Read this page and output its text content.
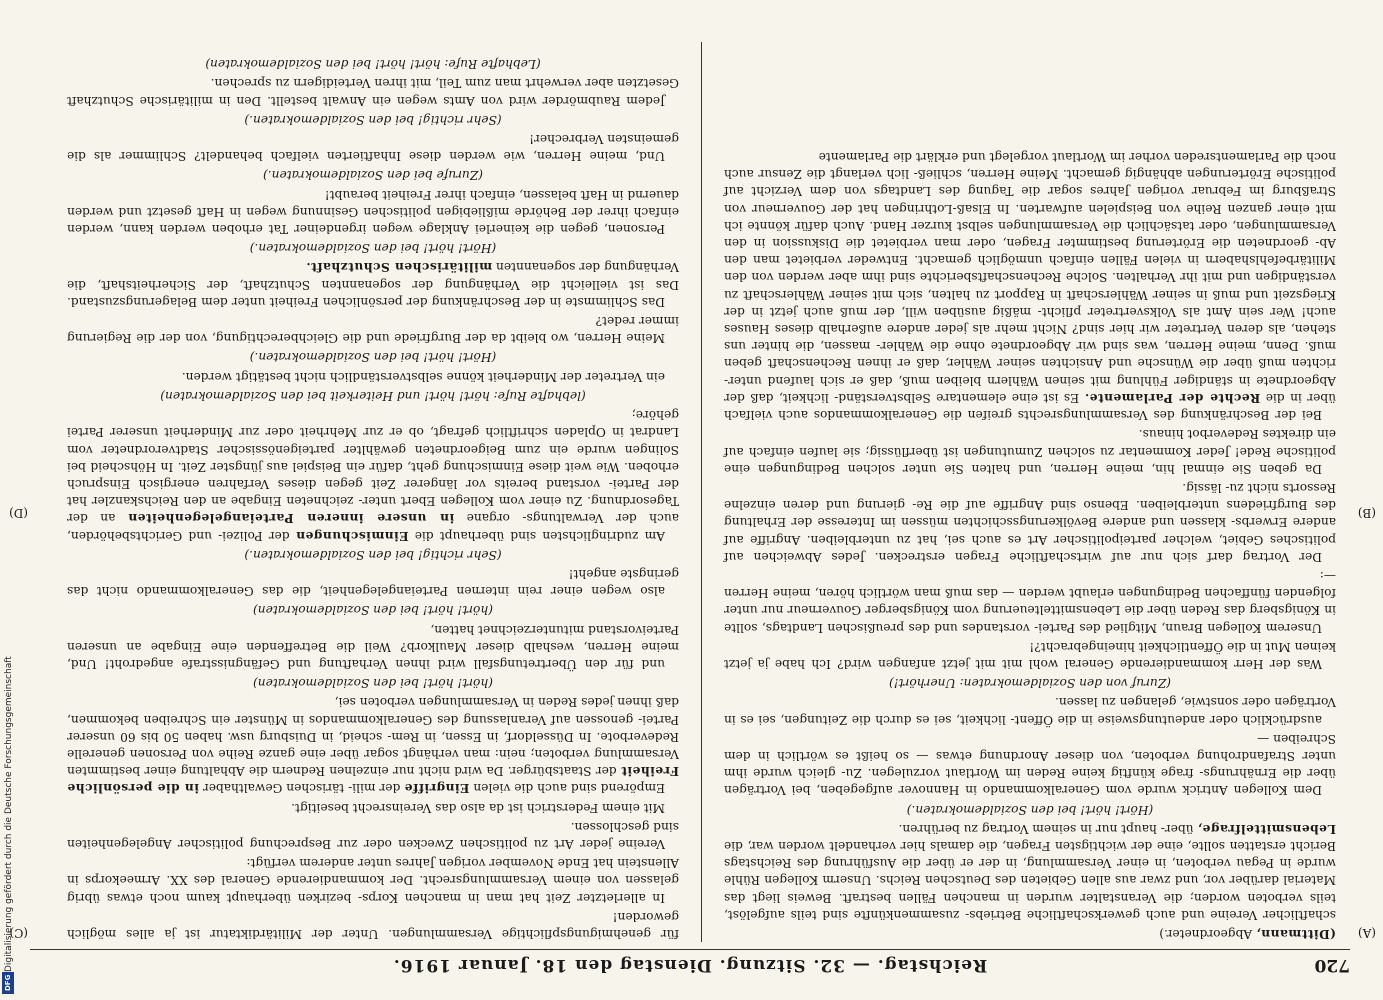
720
Reichstag. — 32. Sitzung. Dienstag den 18. Januar 1916.
(A)
(B)
(C)
(D)

(Dittmann, Abgeordneter.)

schaftlicher Vereine und auch gewerkschaftliche Betriebs- zusammenkünfte sind teils aufgelöst, teils verboten worden; die Veranstalter wurden in manchen Fällen bestraft. Beweis liegt das Material darüber vor, und zwar aus allen Gebieten des Deutschen Reichs. Unserm Kollegen Rühle wurde in Pegau verboten, in einer Versammlung, in der er über die Ausführung des Reichstags Bericht erstatten sollte, eine der wichtigsten Fragen, die damals hier verhandelt worden war, die Lebensmittelfrage, über- haupt nur in seinem Vortrag zu berühren.

(Hört! hört! bei den Sozialdemokraten.)

Dem Kollegen Antrick wurde vom Generalkommando in Hannover aufgegeben, bei Vorträgen über die Ernährungs- frage künftig keine Reden im Wortlaut vorzulegen. Zu- gleich wurde ihm unter Strafandrohung verboten, von dieser Anordnung etwas — so heißt es wörtlich in dem Schreiben —

ausdrücklich oder andeutungsweise in die Öffent- lichkeit, sei es durch die Zeitungen, sei es in Vorträgen oder sonstwie, gelangen zu lassen.

(Zuruf von den Sozialdemokraten: Unerhört!)

Was der Herr kommandierende General wohl mit mit jetzt anfangen wird? Ich habe ja jetzt keinen Mut in die Öffentlichkeit hineingebracht?!

Unserem Kollegen Braun, Mitglied des Partei- vorstandes und des preußischen Landtags, sollte in Königsberg das Reden über die Lebensmittelteuerung vom Königsberger Gouverneur nur unter folgenden fünffachen Bedingungen erlaubt werden — das muß man wörtlich hören, meine Herren —:

Der Vortrag darf sich nur auf wirtschaftliche Fragen erstrecken. Jedes Abweichen auf politisches Gebiet, welcher parteipolitischer Art es auch sei, hat zu unterbleiben. Angriffe auf andere Erwerbs- klassen und andere Bevölkerungsschichten müssen im Interesse der Erhaltung des Burgfriedens unterbleiben. Ebenso sind Angriffe auf die Re- gierung und deren einzelne Ressorts nicht zu- lässig.

Da geben Sie einmal hin, meine Herren, und halten Sie unter solchen Bedingungen eine politische Rede! Jeder Kommentar zu solchen Zumutungen ist überflüssig; sie laufen einfach auf ein direktes Redeverbot hinaus.

Bei der Beschränkung des Versammlungsrechts greifen die Generalkommandos auch vielfach über in die Rechte der Parlamente. Es ist eine elementare Selbstverständ- lichkeit, daß der Abgeordnete in ständiger Fühlung mit seinen Wählern bleiben muß, daß er sich laufend unter- richten muß über die Wünsche und Ansichten seiner Wähler, daß er ihnen Rechenschaft geben muß. Denn, meine Herren, was sind wir Abgeordnete ohne die Wähler- massen, die hinter uns stehen, als deren Vertreter wir hier sind? Nicht mehr als jeder andere außerhalb dieses Hauses auch! Wer sein Amt als Volksvertreter pflicht- mäßig ausüben will, der muß auch jetzt in der Kriegszeit und muß in seiner Wählerschaft in Rapport zu halten, sich mit seiner Wählerschaft zu verständigen und mit ihr Verhalten. Solche Rechenschaftsberichte sind ihm aber werden von den Militärbefehlshabern in vielen Fällen einfach unmöglich gemacht. Entweder verbietet man den Ab- geordneten die Erörterung bestimmter Fragen, oder man verbietet die Diskussion in den Versammlungen, oder tatsächlich die Versammlungen selbst kurzer Hand. Auch dafür könnte ich mit einer ganzen Reihe von Beispielen aufwarten. In Elsaß-Lothringen hat der Gouverneur von Straßburg im Februar vorigen Jahres sogar die Tagung des Landtags von dem Verzicht auf politische Erörterungen abhängig gemacht. Meine Herren, schließ- lich verlangt die Zensur auch noch die Parlamentsreden vorher im Wortlaut vorgelegt und erklärt die Parlamente

für genehmigungspflichtige Versammlungen. Unter der Militärdiktatur ist ja alles möglich geworden!

In allerletzter Zeit hat man in manchen Korps- bezirken überhaupt kaum noch etwas übrig gelassen von einem Versammlungsrecht. Der kommandierende General des XX. Armeekorps in Allenstein hat Ende November vorigen Jahres unter anderem verfügt:

Vereine jeder Art zu politischen Zwecken oder zur Besprechung politischer Angelegenheiten sind geschlossen.

Mit einem Federstrich ist da also das Vereinsrecht beseitigt.

Empörend sind auch die vielen Eingriffe der mili- tärischen Gewalthaber in die persönliche Freiheit der Staatsbürger. Da wird nicht nur einzelnen Rednern die Abhaltung einer bestimmten Versammlung verboten; nein: man verhängt sogar über eine ganze Reihe von Personen generelle Redeverbote. In Düsseldorf, in Essen, in Rem- scheid, in Duisburg usw. haben 50 bis 60 unserer Partei- genossen auf Veranlassung des Generalkommandos in Münster ein Schreiben bekommen, daß ihnen jedes Reden in Versammlungen verboten sei,

(hört! hört! bei den Sozialdemokraten)

und für den Übertretungsfall wird ihnen Verhaftung und Gefängnisstrafe angedroht! Und, meine Herren, weshalb dieser Maulkorb? Weil die Betreffenden eine Eingabe an unseren Parteivorstand mitunterzeichnet hatten,

(hört! hört! bei den Sozialdemokraten)

also wegen einer rein internen Parteiangelegenheit, die das Generalkommando nicht das geringste angeht!

(Sehr richtig! bei den Sozialdemokraten.)

Am zudringlichsten sind überhaupt die Einmischungen der Polizei- und Gerichtsbehörden, auch der Verwaltungs- organe in unsere inneren Parteiangelegenheiten an der Tagesordnung. Zu einer vom Kollegen Ebert unter- zeichneten Eingabe an den Reichskanzler hat der Partei- vorstand bereits vor längerer Zeit gegen dieses Verfahren energisch Einspruch erhoben. Wie weit diese Einmischung geht, dafür ein Beispiel aus jüngster Zeit. In Höhscheid bei Solingen wurde ein zum Beigeordneten gewählter parteigenössischer Stadtverordneter vom Landrat in Opladen schriftlich gefragt, ob er zur Mehrheit oder zur Minderheit unserer Partei gehöre;

(lebhafte Rufe: hört! hört! und Heiterkeit bei den Sozialdemokraten)

ein Vertreter der Minderheit könne selbstverständlich nicht bestätigt werden.

(Hört! hört! bei den Sozialdemokraten.)

Meine Herren, wo bleibt da der Burgfriede und die Gleichberechtigung, von der die Regierung immer redet?

Das Schlimmste in der Beschränkung der persönlichen Freiheit unter dem Belagerungszustand. Das ist vielleicht die Verhängung der sogenannten Schutzhaft, der Sicherheitshaft, die Verhängung der sogenannten militärischen Schutzhaft.

(Hört! hört! bei den Sozialdemokraten.)

Personen, gegen die keinerlei Anklage wegen irgendeiner Tat erhoben werden kann, werden einfach ihrer der Behörde mißliebigen politischen Gesinnung wegen in Haft gesetzt und werden dauernd in Haft belassen, einfach ihrer Freiheit beraubt!

(Zurufe bei den Sozialdemokraten.)

Und, meine Herren, wie werden diese Inhaftierten vielfach behandelt? Schlimmer als die gemeinsten Verbrecher!

(Sehr richtig! bei den Sozialdemokraten.)

Jedem Raubmörder wird von Amts wegen ein Anwalt bestellt. Den in militärische Schutzhaft Gesetzten aber verwehrt man zum Teil, mit ihren Verteidigern zu sprechen.

(Lebhafte Rufe: hört! hört! bei den Sozialdemokraten)

Digitalisierung gefördert durch die Deutsche Forschungsgemeinschaft
DFG
